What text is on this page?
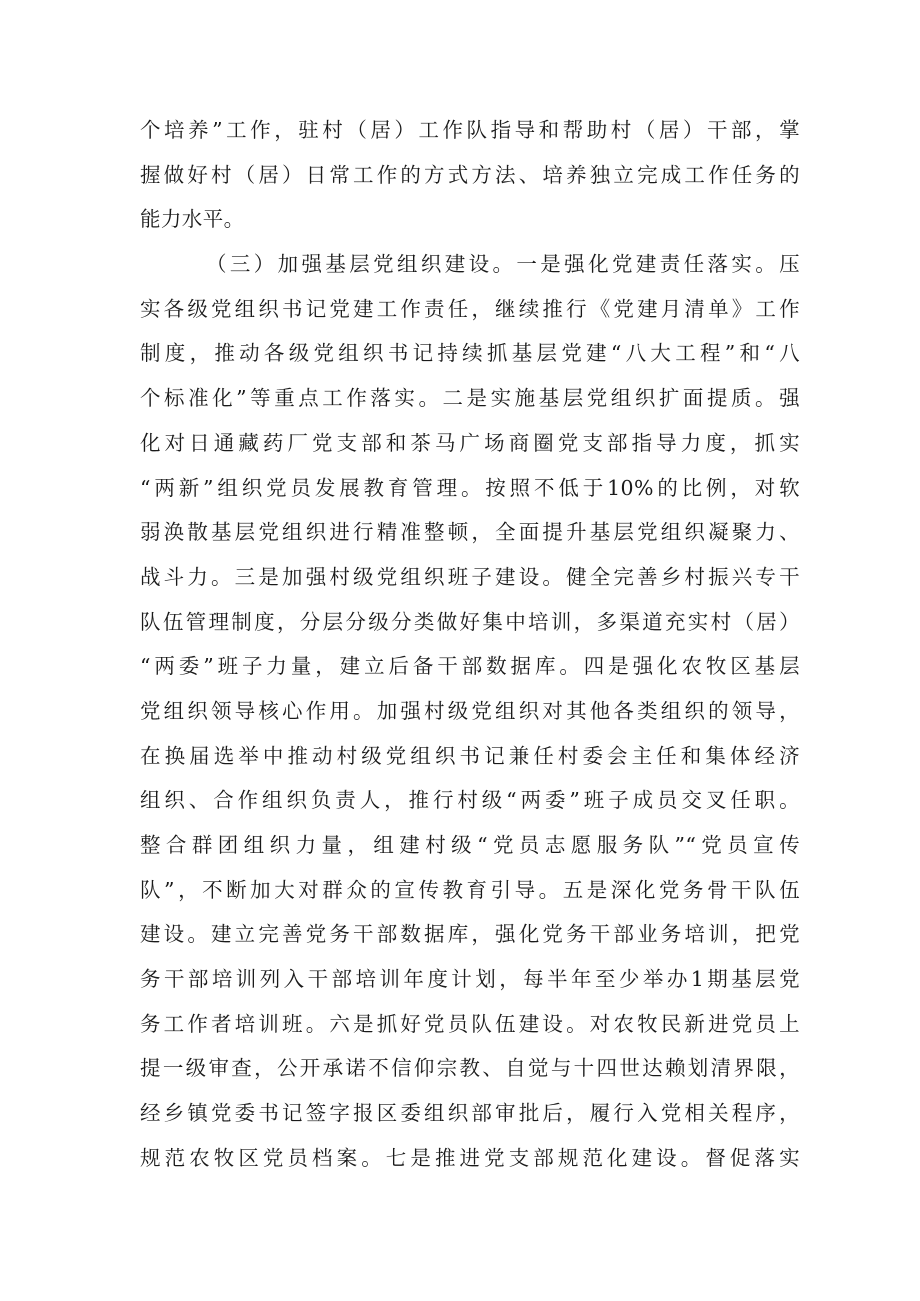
个培养”工作，驻村（居）工作队指导和帮助村（居）干部，掌
握做好村（居）日常工作的方式方法、培养独立完成工作任务的
能力水平。
（三）加强基层党组织建设。一是强化党建责任落实。压
实各级党组织书记党建工作责任，继续推行《党建月清单》工作
制度，推动各级党组织书记持续抓基层党建“八大工程”和“八
个标准化”等重点工作落实。二是实施基层党组织扩面提质。强
化对日通藏药厂党支部和茶马广场商圈党支部指导力度，抓实
“两新”组织党员发展教育管理。按照不低于10%的比例，对软
弱涣散基层党组织进行精准整顿，全面提升基层党组织凝聚力、
战斗力。三是加强村级党组织班子建设。健全完善乡村振兴专干
队伍管理制度，分层分级分类做好集中培训，多渠道充实村（居）
“两委”班子力量，建立后备干部数据库。四是强化农牧区基层
党组织领导核心作用。加强村级党组织对其他各类组织的领导，
在换届选举中推动村级党组织书记兼任村委会主任和集体经济
组织、合作组织负责人，推行村级“两委”班子成员交叉任职。
整合群团组织力量，组建村级“党员志愿服务队”“党员宣传
队”，不断加大对群众的宣传教育引导。五是深化党务骨干队伍
建设。建立完善党务干部数据库，强化党务干部业务培训，把党
务干部培训列入干部培训年度计划，每半年至少举办1期基层党
务工作者培训班。六是抓好党员队伍建设。对农牧民新进党员上
提一级审查，公开承诺不信仰宗教、自觉与十四世达赖划清界限，
经乡镇党委书记签字报区委组织部审批后，履行入党相关程序，
规范农牧区党员档案。七是推进党支部规范化建设。督促落实
